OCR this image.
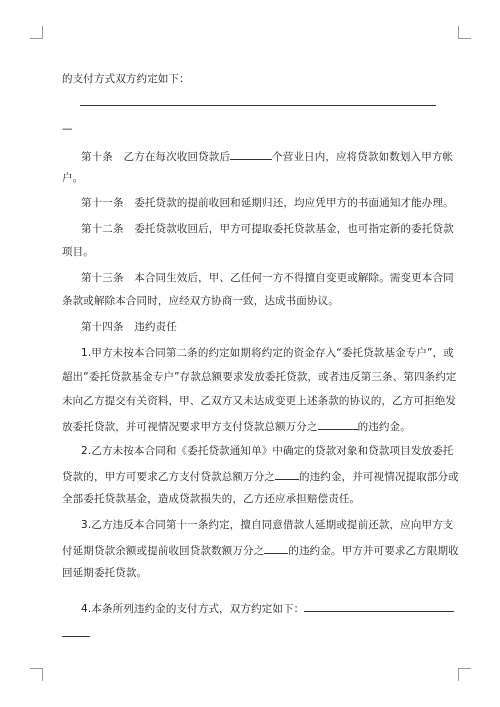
的支付方式双方约定如下：
—
第十条　乙方在每次收回贷款后	个营业日内，应将贷款如数划入甲方帐
户。
第十一条　委托贷款的提前收回和延期归还，均应凭甲方的书面通知才能办理。
第十二条　委托贷款收回后，甲方可提取委托贷款基金，也可指定新的委托贷款
项目。
第十三条　本合同生效后，甲、乙任何一方不得擅自变更或解除。需变更本合同
条款或解除本合同时，应经双方协商一致，达成书面协议。
第十四条　违约责任
1.甲方未按本合同第二条的约定如期将约定的资金存入“委托贷款基金专户”，或
超出“委托贷款基金专户”存款总额要求发放委托贷款，或者违反第三条、第四条约定
未向乙方提交有关资料，甲、乙双方又未达成变更上述条款的协议的，乙方可拒绝发
放委托贷款，并可视情况要求甲方支付贷款总额万分之	的违约金。
2.乙方未按本合同和《委托贷款通知单》中确定的贷款对象和贷款项目发放委托
贷款的，甲方可要求乙方支付贷款总额万分之 的违约金，并可视情况提取部分或
全部委托贷款基金，造成贷款损失的，乙方还应承担赔偿责任。
3.乙方违反本合同第十一条约定，擅自同意借款人延期或提前还款，应向甲方支
付延期贷款余额或提前收回贷款数额万分之 的违约金。甲方并可要求乙方限期收
回延期委托贷款。
4.本条所列违约金的支付方式，双方约定如下：
